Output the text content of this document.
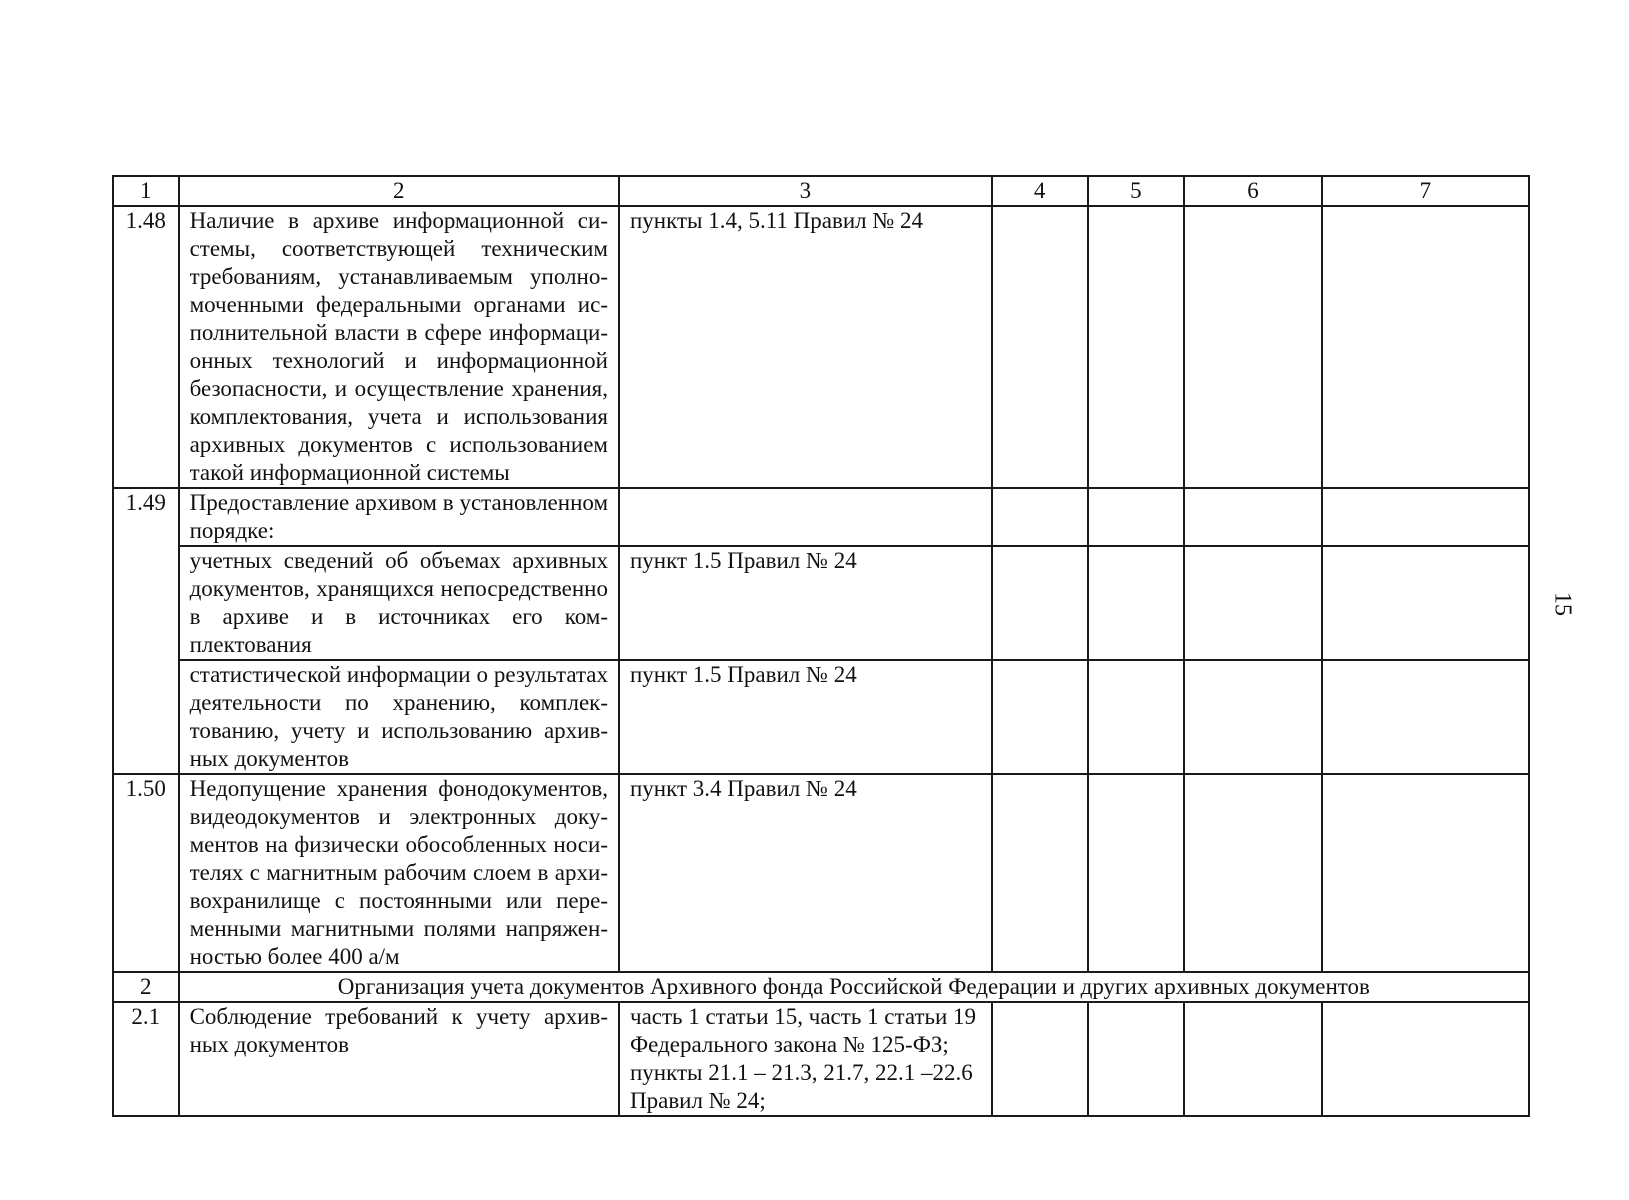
15
1	2	3	4	5	6	7
1.48	Наличие в архиве информационной системы, соответствующей техническим требованиям, устанавливаемым уполномоченными федеральными органами исполнительной власти в сфере информационных технологий и информационной безопасности, и осуществление хранения, комплектования, учета и использования архивных документов с использованием такой информационной системы	пункты 1.4, 5.11 Правил № 24				
1.49	Предоставление архивом в установленном порядке:					
	учетных сведений об объемах архивных документов, хранящихся непосредственно в архиве и в источниках его комплектования	пункт 1.5 Правил № 24				
	статистической информации о результатах деятельности по хранению, комплектованию, учету и использованию архивных документов	пункт 1.5 Правил № 24				
1.50	Недопущение хранения фонодокументов, видеодокументов и электронных документов на физически обособленных носителях с магнитным рабочим слоем в архивохранилище с постоянными или переменными магнитными полями напряженностью более 400 а/м	пункт 3.4 Правил № 24				
2	Организация учета документов Архивного фонда Российской Федерации и других архивных документов					
2.1	Соблюдение требований к учету архивных документов	часть 1 статьи 15, часть 1 статьи 19
Федерального закона № 125-ФЗ;
пункты 21.1 – 21.3, 21.7, 22.1 –22.6
Правил № 24;				
